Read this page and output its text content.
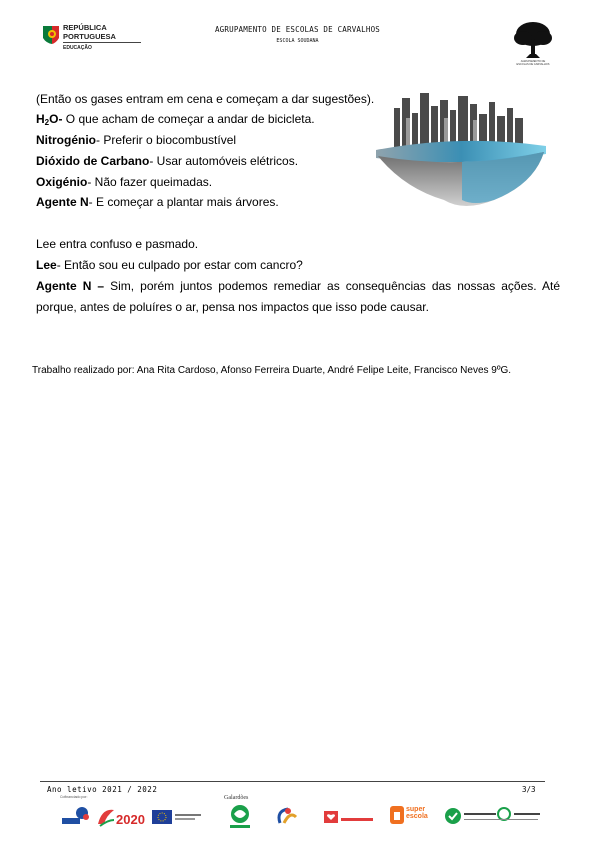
REPÚBLICA
PORTUGUESA
EDUCAÇÃO
AGRUPAMENTO DE ESCOLAS DE CARVALHOS
ESCOLA SOUDANA
AGRUPAMENTO DE
ESCOLAS DE CARVALHOS
(Então os gases entram em cena e começam a dar sugestões).
$H_2O-$ O que acham de começar a andar de bicicleta.
Nitrogénio- Preferir o biocombustível
Dióxido de Carbano- Usar automóveis elétricos.
Oxigénio- Não fazer queimadas.
Agente N- E começar a plantar mais árvores.
Lee entra confuso e pasmado.
Lee- Então sou eu culpado por estar com cancro?
Agente N – Sim, porém juntos podemos remediar as consequências das nossas ações. Até porque, antes de poluíres o ar, pensa nos impactos que isso pode causar.
Trabalho realizado por: Ana Rita Cardoso, Afonso Ferreira Duarte, André Felipe Leite, Francisco Neves 9ºG.
Ano letivo 2021 / 2022	3/3
Cofinanciado por:	Galardões
2020
super escola
